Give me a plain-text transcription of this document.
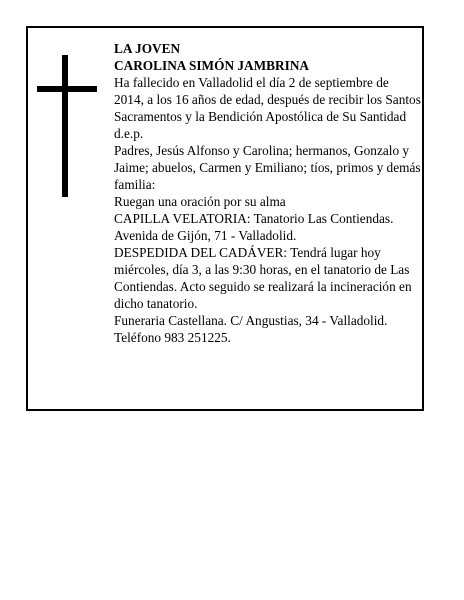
LA JOVEN

CAROLINA SIMÓN JAMBRINA

Ha fallecido en Valladolid el día 2 de septiembre de 2014, a los 16 años de edad, después de recibir los Santos Sacramentos y la Bendición Apostólica de Su Santidad

d.e.p.

Padres, Jesús Alfonso y Carolina; hermanos, Gonzalo y Jaime; abuelos, Carmen y Emiliano; tíos, primos y demás familia:

Ruegan una oración por su alma

CAPILLA VELATORIA: Tanatorio Las Contiendas. Avenida de Gijón, 71 - Valladolid.

DESPEDIDA DEL CADÁVER: Tendrá lugar hoy miércoles, día 3, a las 9:30 horas, en el tanatorio de Las Contiendas. Acto seguido se realizará la incineración en dicho tanatorio.

Funeraria Castellana. C/ Angustias, 34 - Valladolid. Teléfono 983 251225.
